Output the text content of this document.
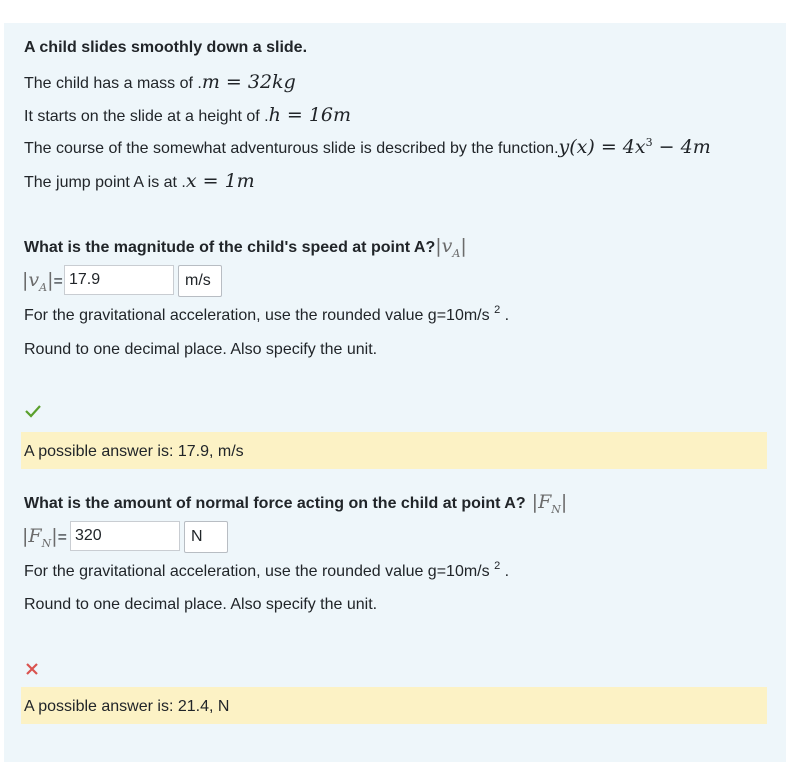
A child slides smoothly down a slide.
The child has a mass of .m = 32kg
It starts on the slide at a height of .h = 16m
The course of the somewhat adventurous slide is described by the function.y(x) = $4x^3 - 4m$
The jump point A is at .x = 1m
What is the magnitude of the child's speed at point $A?|v_A|$
$|v_A|= 17.9$	m/s
For the gravitational acceleration, use the rounded value g=10m/s $^2$ .
Round to one decimal place. Also specify the unit.
A possible answer is: 17.9, m/s
What is the amount of normal force acting on the child at point A? $|F_N|$
$|F_N|= 320$	N
For the gravitational acceleration, use the rounded value g=10m/s $^2$ .
Round to one decimal place. Also specify the unit.
A possible answer is: 21.4, N
